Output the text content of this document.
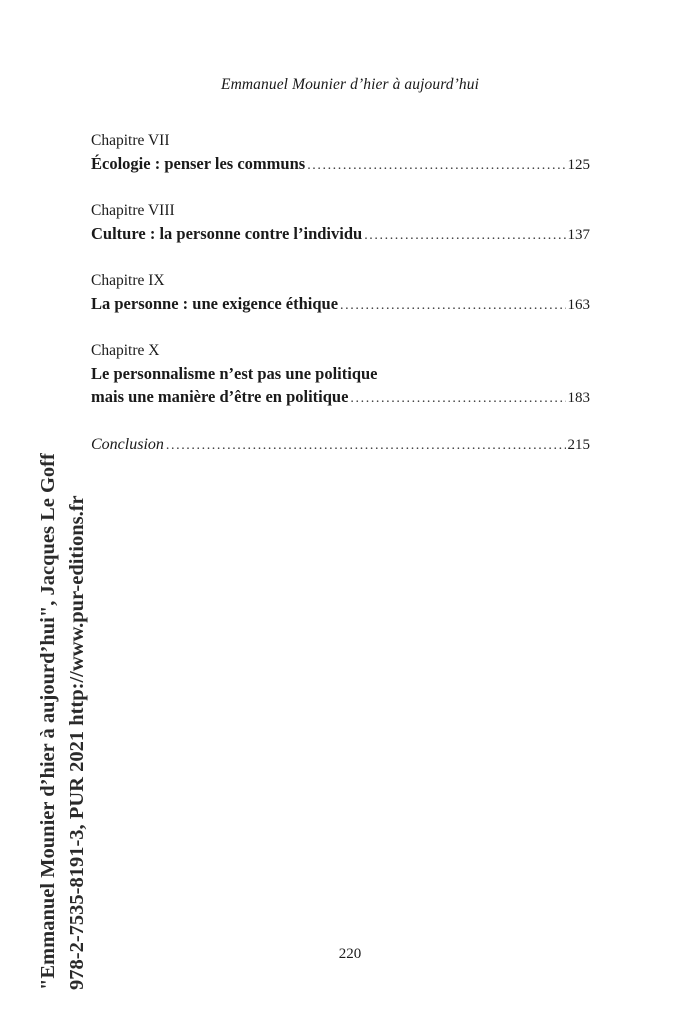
Emmanuel Mounier d’hier à aujourd’hui
Chapitre VII
Écologie : penser les communs .....	125
Chapitre VIII
Culture : la personne contre l’individu .....	137
Chapitre IX
La personne : une exigence éthique .....	163
Chapitre X
Le personnalisme n’est pas une politique
mais une manière d’être en politique .....	183
Conclusion .....	215
"Emmanuel Mounier d’hier à aujourd’hui", Jacques Le Goff 978-2-7535-8191-3, PUR 2021 http://www.pur-editions.fr	220
